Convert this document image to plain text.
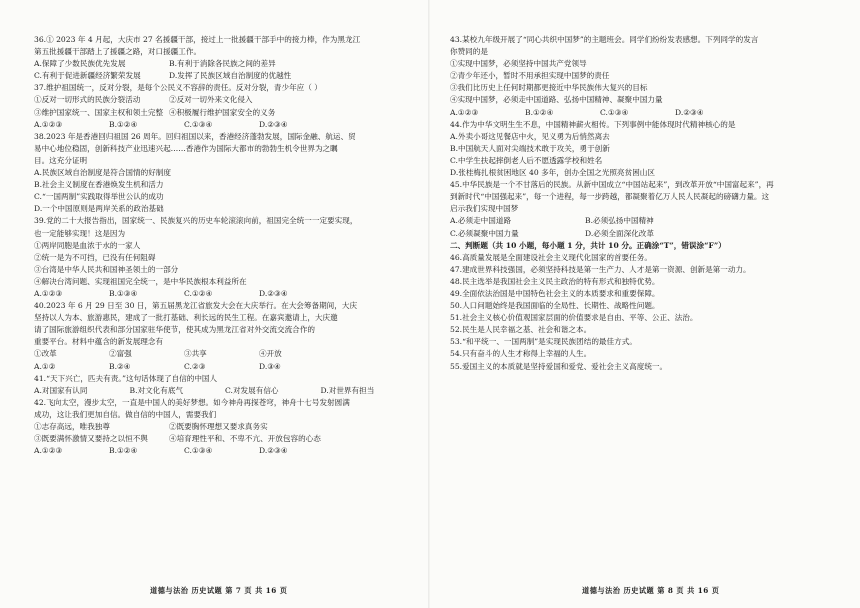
36.① 2023 年 4 月起，大庆市 27 名援疆干部，接过上一批援疆干部手中的接力棒，作为黑龙江
第五批援疆干部踏上了援疆之路，对口援疆工作。
A.保障了少数民族优先发展	B.有利于消除各民族之间的差异
C.有利于促进新疆经济繁荣发展	D.发挥了民族区域自治制度的优越性
37.维护祖国统一，反对分裂，是每个公民义不容辞的责任。反对分裂，青少年应（ ）
①反对一切形式的民族分裂活动	②反对一切外来文化侵入
③维护国家统一、国家主权和领土完整 ④积极履行维护国家安全的义务
A.①②③	B.①②④	C.①③④	D.②③④
38.2023 年是香港回归祖国 26 周年。回归祖国以来，香港经济蓬勃发展，国际金融、航运、贸
易中心地位稳固，创新科技产业迅速兴起……香港作为国际大都市的勃勃生机令世界为之瞩
目。这充分证明
A.民族区域自治制度是符合国情的好制度
B.社会主义制度在香港焕发生机和活力
C.“一国两制”实践取得举世公认的成功
D.一个中国原则是两岸关系的政治基础
39.党的二十大报告指出，国家统一、民族复兴的历史车轮滚滚向前，祖国完全统一一定要实现，
也一定能够实现！这是因为
①两岸同胞是血浓于水的一家人
②统一是为不可挡，已没有任何阻碍
③台湾是中华人民共和国神圣领土的一部分
④解决台湾问题、实现祖国完全统一，是中华民族根本利益所在
A.①②③	B.①③④	C.①②④	D.②③④
40.2023 年 6 月 29 日至 30 日，第五届黑龙江省旅发大会在大庆举行。在大会筹备期间，大庆
坚持以人为本、旅游惠民，建成了一批打基础、利长远的民生工程。在嘉宾邀请上，大庆邀
请了国际旅游组织代表和部分国家驻华使节，使其成为黑龙江省对外交流交流合作的
重要平台。材料中蕴含的新发展理念有
①改革	②富强	③共享	④开放
A.①②	B.②④	C.②③	D.③④
41.“天下兴亡，匹夫有责。”这句话体现了自信的中国人
A.对国家有认同	B.对文化有底气	C.对发展有信心	D.对世界有担当
42.飞向太空，漫步太空，一直是中国人的美好梦想。如今神舟再探苍穹，神舟十七号发射圆满
成功，这让我们更加自信。做自信的中国人，需要我们
①志存高远，唯我独尊	②既要胸怀理想又要求真务实
③既要满怀激情又要持之以恒不舆	④培育理性平和、不卑不亢、开放包容的心态
A.①②③	B.①②④	C.①③④	D.②③④
道德与法治 历史试题 第 7 页 共 16 页
43.某校九年级开展了“同心共织中国梦”的主题班会。同学们纷纷发表感想。下列同学的发言
你赞同的是
①实现中国梦，必须坚持中国共产党领导
②青少年还小，暂时不用承担实现中国梦的责任
③我们比历史上任何时期都更接近中华民族伟大复兴的目标
④实现中国梦，必须走中国道路、弘扬中国精神、凝聚中国力量
A.①②③	B.①②④	C.①③④	D.②③④
44.作为中华文明生生不息，中国精神薪火相传。下列事例中能体现时代精神核心的是
A.外卖小哥这见餐店中火，见义勇为后悄然离去
B.中国航天人面对尖端技术敢于攻关，勇于创新
C.中学生扶起摔倒老人后不愿透露学校和姓名
D.张桂梅扎根贫困地区 40 多年，创办全国之光照亮贫困山区
45.中华民族是一个不甘落后的民族。从新中国成立“中国站起来”，到改革开放“中国富起来”，再
到新时代“中国强起来”，每一个进程，每一步跨越，都凝聚着亿万人民人民凝起的磅礴力量。这
启示我们实现中国梦
A.必须走中国道路	B.必须弘扬中国精神
C.必须凝聚中国力量	D.必须全面深化改革
二、判断题（共 10 小题，每小题 1 分，共计 10 分。正确涂“T”，错误涂“F”）
46.高质量发展是全面建设社会主义现代化国家的首要任务。
47.建成世界科技强国，必须坚持科技是第一生产力、人才是第一资源、创新是第一动力。
48.民主选举是我国社会主义民主政治的特有形式和独特优势。
49.全面依法治国是中国特色社会主义的本质要求和重要保障。
50.人口问题始终是我国面临的全局性、长期性、战略性问题。
51.社会主义核心价值观国家层面的价值要求是自由、平等、公正、法治。
52.民生是人民幸福之基、社会和谐之本。
53.“和平统一、一国两制”是实现民族团结的最佳方式。
54.只有奋斗的人生才称得上幸福的人生。
55.爱国主义的本质就是坚持爱国和爱党、爱社会主义高度统一。
道德与法治 历史试题 第 8 页 共 16 页
